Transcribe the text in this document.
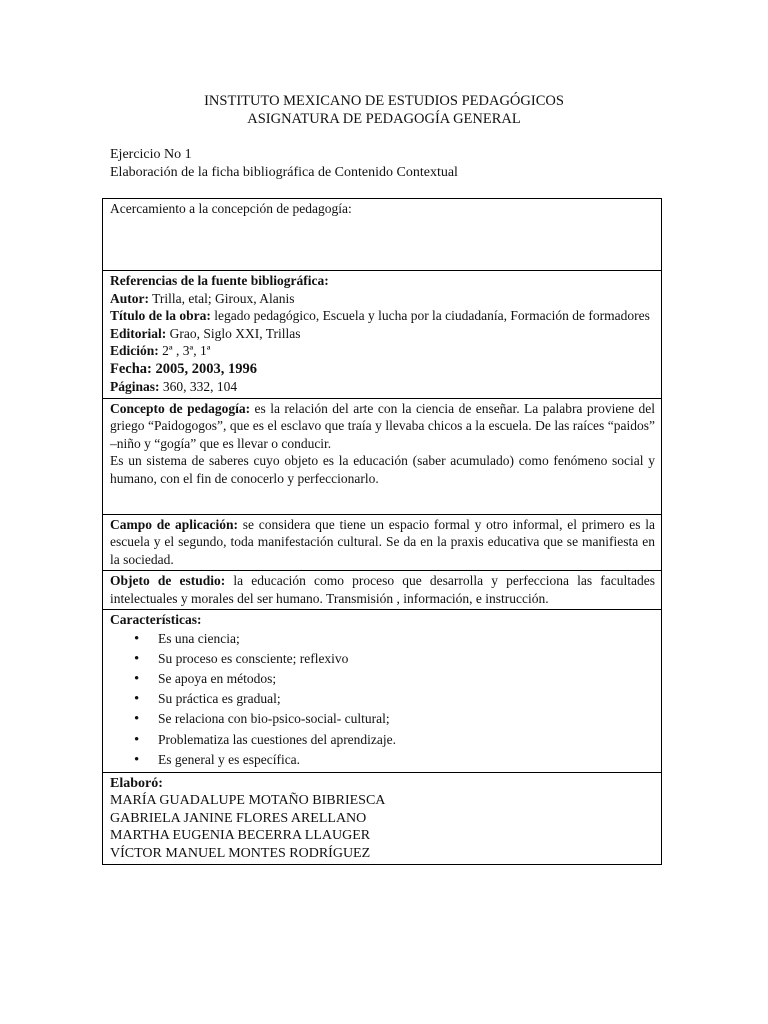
INSTITUTO MEXICANO DE ESTUDIOS PEDAGÓGICOS
ASIGNATURA DE PEDAGOGÍA GENERAL
Ejercicio No 1
Elaboración de la ficha bibliográfica de Contenido Contextual
Acercamiento a la concepción de pedagogía:

Referencias de la fuente bibliográfica:
Autor: Trilla, etal; Giroux, Alanis
Título de la obra: legado pedagógico, Escuela y lucha por la ciudadanía, Formación de formadores
Editorial: Grao, Siglo XXI, Trillas
Edición: 2ª , 3ª, 1ª
Fecha: 2005, 2003, 1996
Páginas: 360, 332, 104

Concepto de pedagogía: es la relación del arte con la ciencia de enseñar. La palabra proviene del griego “Paidogogos”, que es el esclavo que traía y llevaba chicos a la escuela. De las raíces “paidos” –niño y “gogía” que es llevar o conducir.
Es un sistema de saberes cuyo objeto es la educación (saber acumulado) como fenómeno social y humano, con el fin de conocerlo y perfeccionarlo.

Campo de aplicación: se considera que tiene un espacio formal y otro informal, el primero es la escuela y el segundo, toda manifestación cultural. Se da en la praxis educativa que se manifiesta en la sociedad.
Objeto de estudio: la educación como proceso que desarrolla y perfecciona las facultades intelectuales y morales del ser humano. Transmisión , información, e instrucción.

Características:
• Es una ciencia;
• Su proceso es consciente; reflexivo
• Se apoya en métodos;
• Su práctica es gradual;
• Se relaciona con bio-psico-social- cultural;
• Problematiza las cuestiones del aprendizaje.
• Es general y es específica.

Elaboró:
MARÍA GUADALUPE MOTAÑO BIBRIESCA
GABRIELA JANINE FLORES ARELLANO
MARTHA EUGENIA BECERRA LLAUGER
VÍCTOR MANUEL MONTES RODRÍGUEZ
